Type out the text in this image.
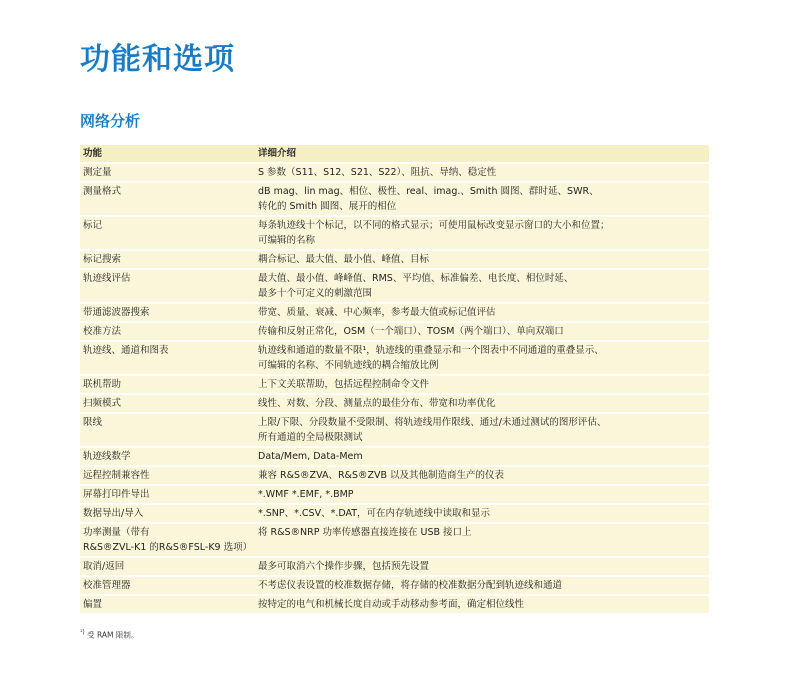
功能和选项
网络分析
功能	详细介绍

测定量	S 参数（S11、S12、S21、S22）、阻抗、导纳、稳定性

测量格式	dB mag、lin mag、相位、极性、real、imag.、Smith 圆图、群时延、SWR、
转化的 Smith 圆图、展开的相位

标记	每条轨迹线十个标记，以不同的格式显示；可使用鼠标改变显示窗口的大小和位置；
可编辑的名称

标记搜索	耦合标记、最大值、最小值、峰值、目标

轨迹线评估	最大值、最小值、峰峰值、RMS、平均值、标准偏差、电长度、相位时延、
最多十个可定义的刺激范围

带通滤波器搜索	带宽、质量、衰减、中心频率，参考最大值或标记值评估

校准方法	传输和反射正常化，OSM（一个端口）、TOSM（两个端口）、单向双端口

轨迹线、通道和图表	轨迹线和通道的数量不限¹，轨迹线的重叠显示和一个图表中不同通道的重叠显示、
可编辑的名称、不同轨迹线的耦合缩放比例

联机帮助	上下文关联帮助，包括远程控制命令文件

扫频模式	线性、对数、分段、测量点的最佳分布、带宽和功率优化

限线	上限/下限、分段数量不受限制、将轨迹线用作限线、通过/未通过测试的图形评估、
所有通道的全局极限测试

轨迹线数学	Data/Mem, Data-Mem

远程控制兼容性	兼容 R&S®ZVA、R&S®ZVB 以及其他制造商生产的仪表

屏幕打印件导出	*.WMF *.EMF, *.BMP

数据导出/导入	*.SNP、*.CSV、*.DAT，可在内存轨迹线中读取和显示

功率测量（带有
R&S®ZVL-K1 的R&S®FSL-K9 选项）	将 R&S®NRP 功率传感器直接连接在 USB 接口上

取消/返回	最多可取消六个操作步骤，包括预先设置

校准管理器	不考虑仪表设置的校准数据存储，将存储的校准数据分配到轨迹线和通道

偏置	按特定的电气和机械长度自动或手动移动参考面，确定相位线性
$^{^1)}$ 受 RAM 限制。
